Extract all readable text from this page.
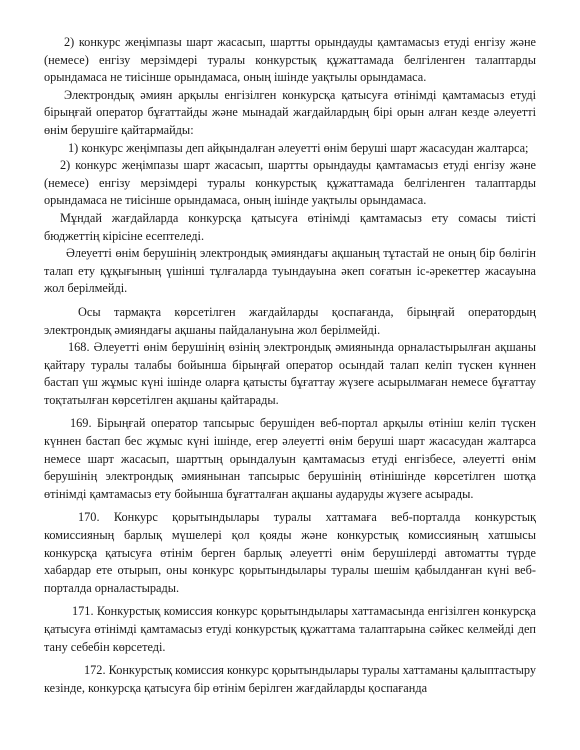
2) конкурс жеңімпазы шарт жасасып, шартты орындауды қамтамасыз етуді енгізу және (немесе) енгізу мерзімдері туралы конкурстық құжаттамада белгіленген талаптарды орындамаса не тиісінше орындамаса, оның ішінде уақтылы орындамаса.

Электрондық әмиян арқылы енгізілген конкурсқа қатысуға өтінімді қамтамасыз етуді бірыңғай оператор бұғаттайды және мынадай жағдайлардың бірі орын алған кезде әлеуетті өнім берушіге қайтармайды:

1) конкурс жеңімпазы деп айқындалған әлеуетті өнім беруші шарт жасасудан жалтарса;

2) конкурс жеңімпазы шарт жасасып, шартты орындауды қамтамасыз етуді енгізу және (немесе) енгізу мерзімдері туралы конкурстық құжаттамада белгіленген талаптарды орындамаса не тиісінше орындамаса, оның ішінде уақтылы орындамаса.

Мұндай жағдайларда конкурсқа қатысуға өтінімді қамтамасыз ету сомасы тиісті бюджеттің кірісіне есептеледі.

Әлеуетті өнім берушінің электрондық әмияндағы ақшаның тұтастай не оның бір бөлігін талап ету құқығының үшінші тұлғаларда туындауына әкеп соғатын іс-әрекеттер жасауына жол берілмейді.

Осы тармақта көрсетілген жағдайларды қоспағанда, бірыңғай оператордың электрондық әмияндағы ақшаны пайдалануына жол берілмейді.

168. Әлеуетті өнім берушінің өзінің электрондық әмиянында орналастырылған ақшаны қайтару туралы талабы бойынша бірыңғай оператор осындай талап келіп түскен күннен бастап үш жұмыс күні ішінде оларға қатысты бұғаттау жүзеге асырылмаған немесе бұғаттау тоқтатылған көрсетілген ақшаны қайтарады.

169. Бірыңғай оператор тапсырыс берушіден веб-портал арқылы өтініш келіп түскен күннен бастап бес жұмыс күні ішінде, егер әлеуетті өнім беруші шарт жасасудан жалтарса немесе шарт жасасып, шарттың орындалуын қамтамасыз етуді енгізбесе, әлеуетті өнім берушінің электрондық әмиянынан тапсырыс берушінің өтінішінде көрсетілген шотқа өтінімді қамтамасыз ету бойынша бұғатталған ақшаны аударуды жүзеге асырады.

170. Конкурс қорытындылары туралы хаттамаға веб-порталда конкурстық комиссияның барлық мүшелері қол қояды және конкурстық комиссияның хатшысы конкурсқа қатысуға өтінім берген барлық әлеуетті өнім берушілерді автоматты түрде хабардар ете отырып, оны конкурс қорытындылары туралы шешім қабылданған күні веб-порталда орналастырады.

171. Конкурстық комиссия конкурс қорытындылары хаттамасында енгізілген конкурсқа қатысуға өтінімді қамтамасыз етуді конкурстық құжаттама талаптарына сәйкес келмейді деп тану себебін көрсетеді.

172. Конкурстық комиссия конкурс қорытындылары туралы хаттаманы қалыптастыру кезінде, конкурсқа қатысуға бір өтінім берілген жағдайларды қоспағанда
